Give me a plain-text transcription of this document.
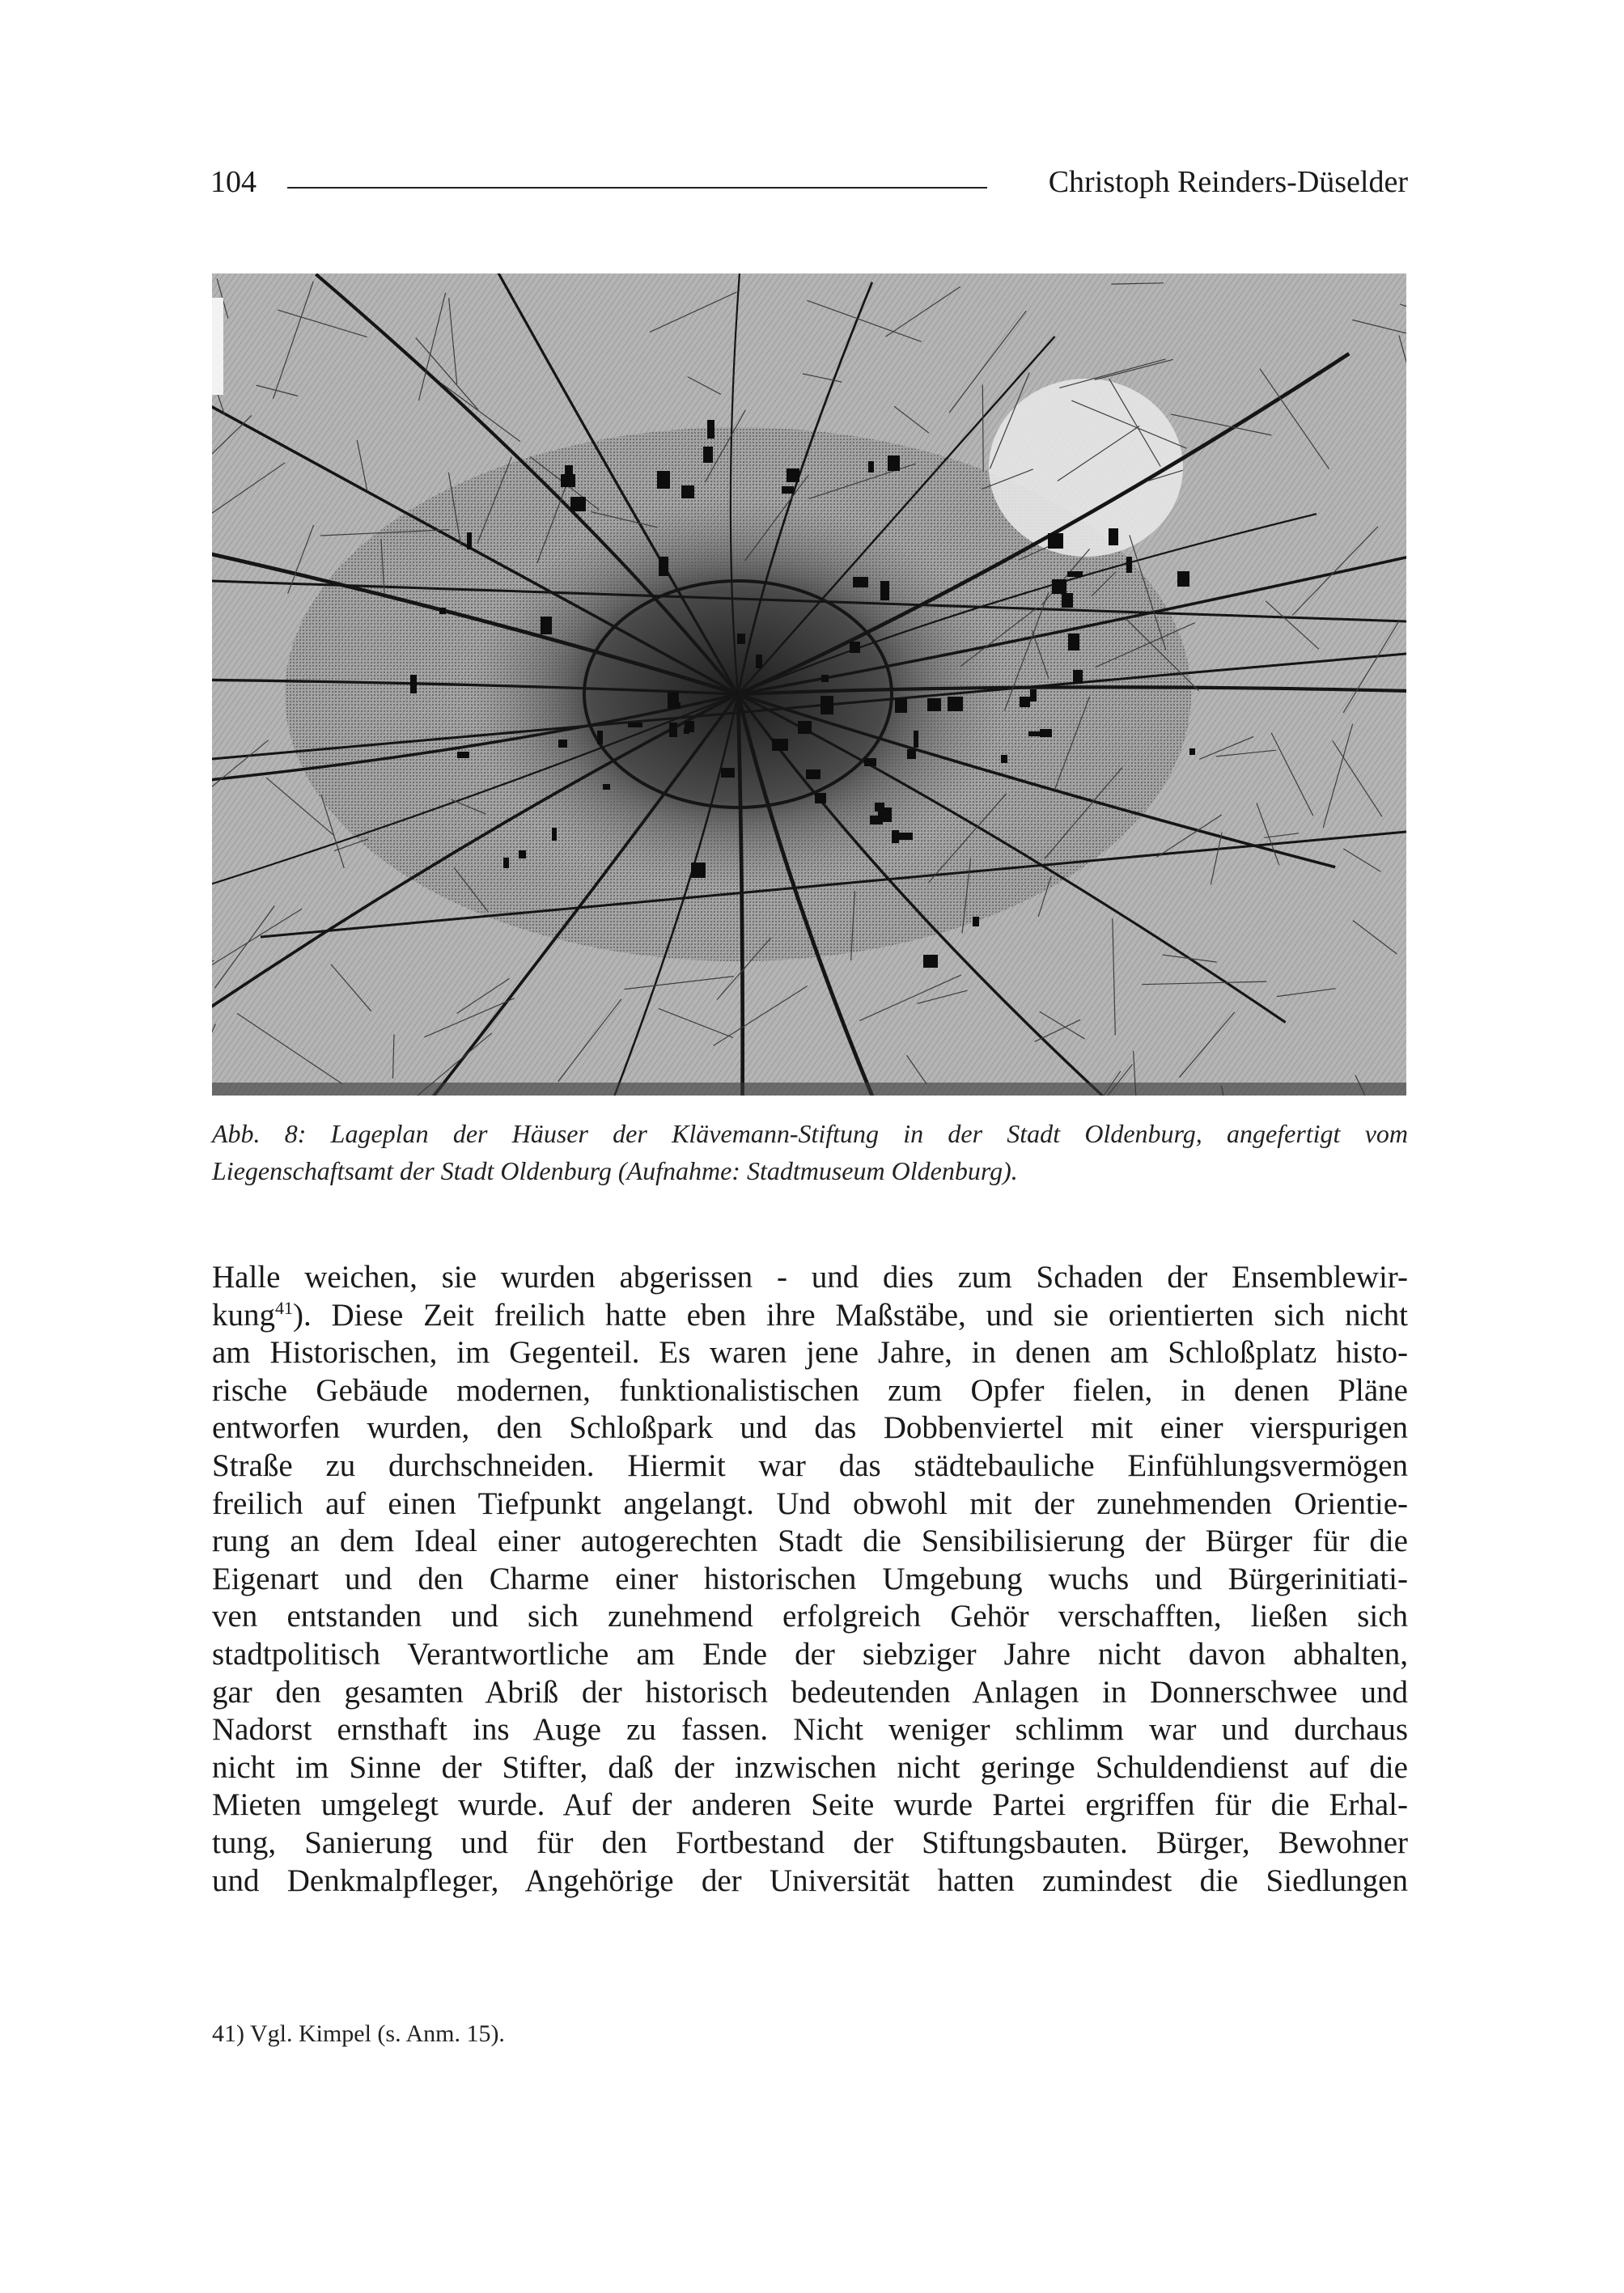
104	Christoph Reinders-Düselder
Abb. 8: Lageplan der Häuser der Klävemann-Stiftung in der Stadt Oldenburg, angefertigt vom
Liegenschaftsamt der Stadt Oldenburg (Aufnahme: Stadtmuseum Oldenburg).
Halle weichen, sie wurden abgerissen - und dies zum Schaden der Ensemblewir-
kung$^{41}$). Diese Zeit freilich hatte eben ihre Maßstäbe, und sie orientierten sich nicht
am Historischen, im Gegenteil. Es waren jene Jahre, in denen am Schloßplatz histo-
rische Gebäude modernen, funktionalistischen zum Opfer fielen, in denen Pläne
entworfen wurden, den Schloßpark und das Dobbenviertel mit einer vierspurigen
Straße zu durchschneiden. Hiermit war das städtebauliche Einfühlungsvermögen
freilich auf einen Tiefpunkt angelangt. Und obwohl mit der zunehmenden Orientie-
rung an dem Ideal einer autogerechten Stadt die Sensibilisierung der Bürger für die
Eigenart und den Charme einer historischen Umgebung wuchs und Bürgerinitiati-
ven entstanden und sich zunehmend erfolgreich Gehör verschafften, ließen sich
stadtpolitisch Verantwortliche am Ende der siebziger Jahre nicht davon abhalten,
gar den gesamten Abriß der historisch bedeutenden Anlagen in Donnerschwee und
Nadorst ernsthaft ins Auge zu fassen. Nicht weniger schlimm war und durchaus
nicht im Sinne der Stifter, daß der inzwischen nicht geringe Schuldendienst auf die
Mieten umgelegt wurde. Auf der anderen Seite wurde Partei ergriffen für die Erhal-
tung, Sanierung und für den Fortbestand der Stiftungsbauten. Bürger, Bewohner
und Denkmalpfleger, Angehörige der Universität hatten zumindest die Siedlungen
41) Vgl. Kimpel (s. Anm. 15).
